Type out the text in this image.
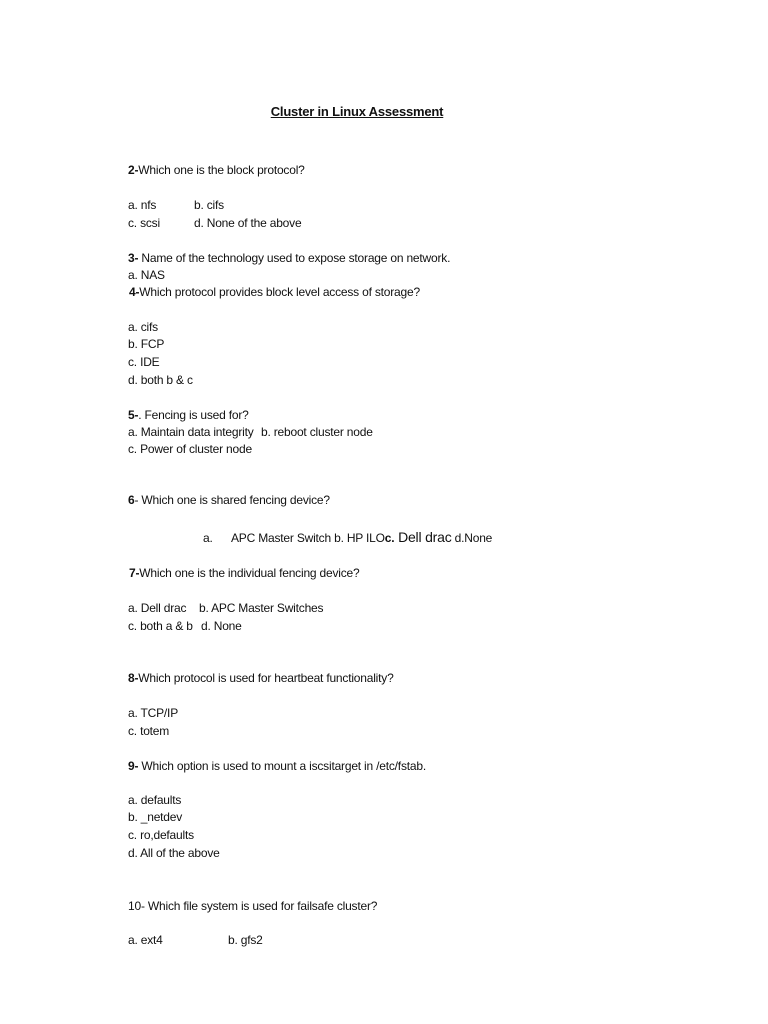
Cluster in Linux Assessment
2-Which one is the block protocol?
a. nfs	b. cifs
c. scsi	d. None of the above
3- Name of the technology used to expose storage on network.
a. NAS
4-Which protocol provides block level access of storage?
a. cifs
b. FCP
c. IDE
d. both b & c
5-. Fencing is used for?
a. Maintain data integrity b. reboot cluster node
c. Power of cluster node
6- Which one is shared fencing device?
a. APC Master Switch b. HP ILOc. Dell drac d.None
7-Which one is the individual fencing device?
a. Dell drac b. APC Master Switches
c. both a & b d. None
8-Which protocol is used for heartbeat functionality?
a. TCP/IP
c. totem
9- Which option is used to mount a iscsitarget in /etc/fstab.
a. defaults
b. _netdev
c. ro,defaults
d. All of the above
10- Which file system is used for failsafe cluster?
a. ext4	b. gfs2
